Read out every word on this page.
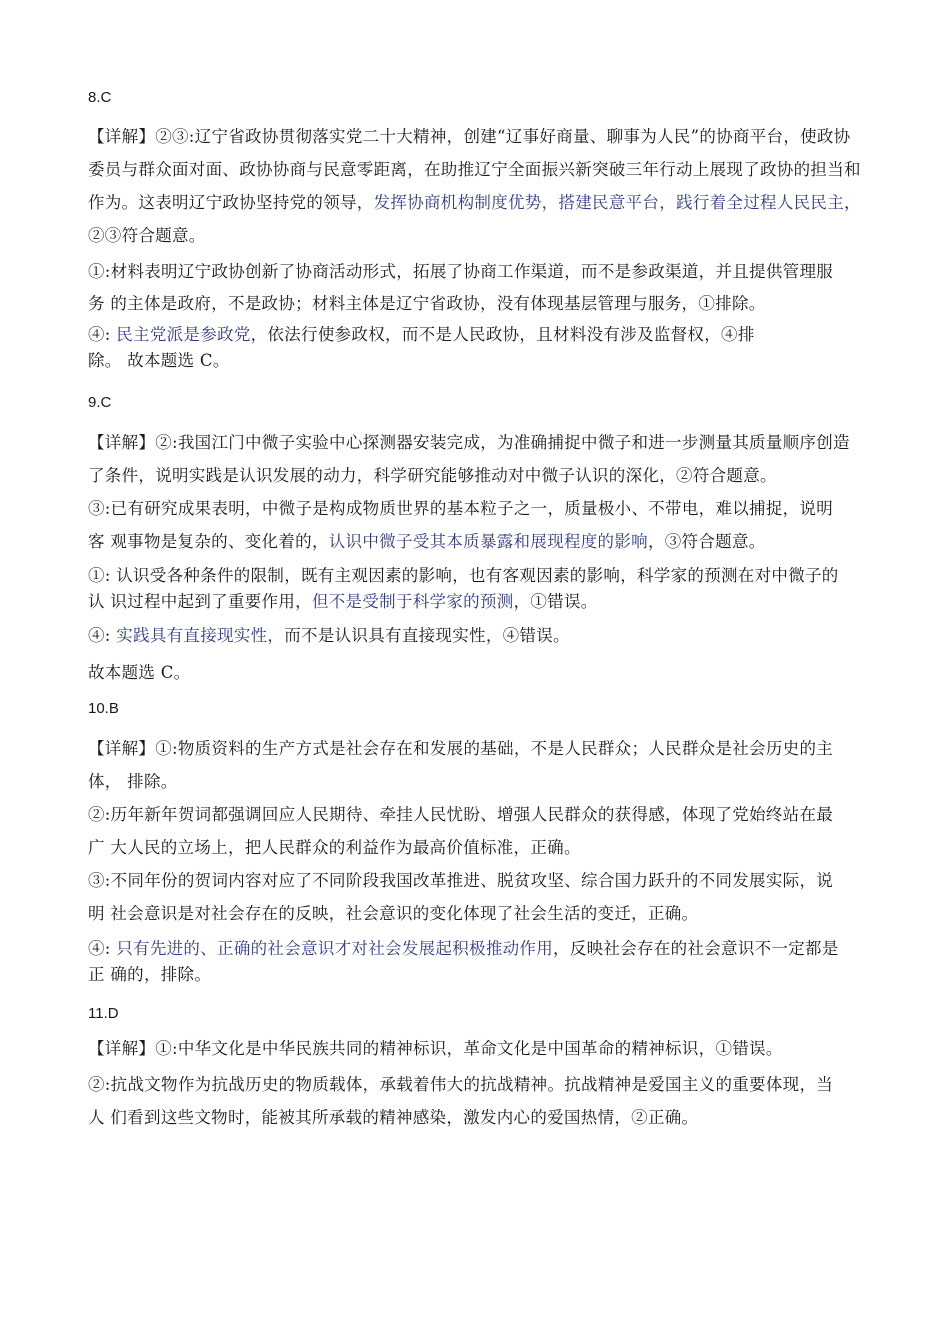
8.C

【详解】②③:辽宁省政协贯彻落实党二十大精神，创建“辽事好商量、聊事为人民”的协商平台，使政协

委员与群众面对面、政协协商与民意零距离，在助推辽宁全面振兴新突破三年行动上展现了政协的担当和

作为。这表明辽宁政协坚持党的领导，发挥协商机构制度优势，搭建民意平台，践行着全过程人民民主，

②③符合题意。

①:材料表明辽宁政协创新了协商活动形式，拓展了协商工作渠道，而不是参政渠道，并且提供管理服

务 的主体是政府，不是政协；材料主体是辽宁省政协，没有体现基层管理与服务，①排除。

④: 民主党派是参政党，依法行使参政权，而不是人民政协，且材料没有涉及监督权，④排

除。 故本题选 C。

9.C

【详解】②:我国江门中微子实验中心探测器安装完成，为准确捕捉中微子和进一步测量其质量顺序创造

了条件，说明实践是认识发展的动力，科学研究能够推动对中微子认识的深化，②符合题意。

③:已有研究成果表明，中微子是构成物质世界的基本粒子之一，质量极小、不带电，难以捕捉，说明

客 观事物是复杂的、变化着的，认识中微子受其本质暴露和展现程度的影响，③符合题意。

①: 认识受各种条件的限制，既有主观因素的影响，也有客观因素的影响，科学家的预测在对中微子的

认 识过程中起到了重要作用，但不是受制于科学家的预测，①错误。

④: 实践具有直接现实性，而不是认识具有直接现实性，④错误。

故本题选 C。

10.B

【详解】①:物质资料的生产方式是社会存在和发展的基础，不是人民群众；人民群众是社会历史的主

体， 排除。

②:历年新年贺词都强调回应人民期待、牵挂人民忧盼、增强人民群众的获得感，体现了党始终站在最

广 大人民的立场上，把人民群众的利益作为最高价值标准，正确。

③:不同年份的贺词内容对应了不同阶段我国改革推进、脱贫攻坚、综合国力跃升的不同发展实际，说

明 社会意识是对社会存在的反映，社会意识的变化体现了社会生活的变迁，正确。

④: 只有先进的、正确的社会意识才对社会发展起积极推动作用，反映社会存在的社会意识不一定都是

正 确的，排除。

11.D

【详解】①:中华文化是中华民族共同的精神标识，革命文化是中国革命的精神标识，①错误。

②:抗战文物作为抗战历史的物质载体，承载着伟大的抗战精神。抗战精神是爱国主义的重要体现，当

人 们看到这些文物时，能被其所承载的精神感染，激发内心的爱国热情，②正确。
